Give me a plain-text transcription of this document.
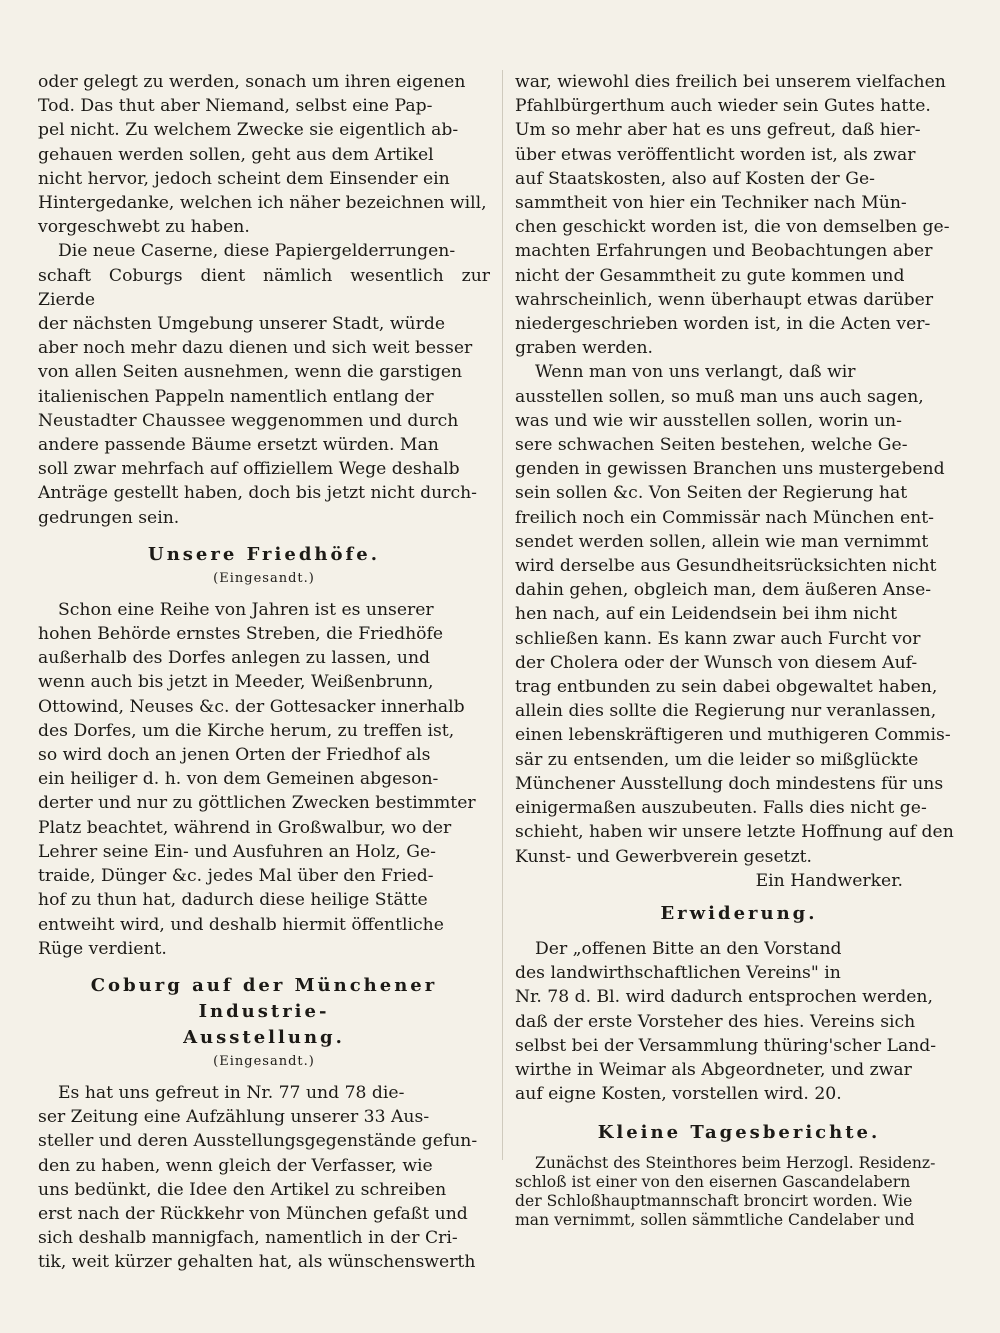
oder gelegt zu werden, sonach um ihren eigenen
Tod. Das thut aber Niemand, selbst eine Pap-
pel nicht. Zu welchem Zwecke sie eigentlich ab-
gehauen werden sollen, geht aus dem Artikel
nicht hervor, jedoch scheint dem Einsender ein
Hintergedanke, welchen ich näher bezeichnen will,
vorgeschwebt zu haben.

Die neue Caserne, diese Papiergelderrungen-
schaft Coburgs dient nämlich wesentlich zur Zierde
der nächsten Umgebung unserer Stadt, würde
aber noch mehr dazu dienen und sich weit besser
von allen Seiten ausnehmen, wenn die garstigen
italienischen Pappeln namentlich entlang der
Neustadter Chaussee weggenommen und durch
andere passende Bäume ersetzt würden. Man
soll zwar mehrfach auf offiziellem Wege deshalb
Anträge gestellt haben, doch bis jetzt nicht durch-
gedrungen sein.

Unsere Friedhöfe.

(Eingesandt.)

Schon eine Reihe von Jahren ist es unserer
hohen Behörde ernstes Streben, die Friedhöfe
außerhalb des Dorfes anlegen zu lassen, und
wenn auch bis jetzt in Meeder, Weißenbrunn,
Ottowind, Neuses &c. der Gottesacker innerhalb
des Dorfes, um die Kirche herum, zu treffen ist,
so wird doch an jenen Orten der Friedhof als
ein heiliger d. h. von dem Gemeinen abgeson-
derter und nur zu göttlichen Zwecken bestimmter
Platz beachtet, während in Großwalbur, wo der
Lehrer seine Ein- und Ausfuhren an Holz, Ge-
traide, Dünger &c. jedes Mal über den Fried-
hof zu thun hat, dadurch diese heilige Stätte
entweiht wird, und deshalb hiermit öffentliche
Rüge verdient.

Coburg auf der Münchener Industrie-
Ausstellung.

(Eingesandt.)

Es hat uns gefreut in Nr. 77 und 78 die-
ser Zeitung eine Aufzählung unserer 33 Aus-
steller und deren Ausstellungsgegenstände gefun-
den zu haben, wenn gleich der Verfasser, wie
uns bedünkt, die Idee den Artikel zu schreiben
erst nach der Rückkehr von München gefaßt und
sich deshalb mannigfach, namentlich in der Cri-
tik, weit kürzer gehalten hat, als wünschenswerth

war, wiewohl dies freilich bei unserem vielfachen
Pfahlbürgerthum auch wieder sein Gutes hatte.
Um so mehr aber hat es uns gefreut, daß hier-
über etwas veröffentlicht worden ist, als zwar
auf Staatskosten, also auf Kosten der Ge-
sammtheit von hier ein Techniker nach Mün-
chen geschickt worden ist, die von demselben ge-
machten Erfahrungen und Beobachtungen aber
nicht der Gesammtheit zu gute kommen und
wahrscheinlich, wenn überhaupt etwas darüber
niedergeschrieben worden ist, in die Acten ver-
graben werden.

Wenn man von uns verlangt, daß wir
ausstellen sollen, so muß man uns auch sagen,
was und wie wir ausstellen sollen, worin un-
sere schwachen Seiten bestehen, welche Ge-
genden in gewissen Branchen uns mustergebend
sein sollen &c. Von Seiten der Regierung hat
freilich noch ein Commissär nach München ent-
sendet werden sollen, allein wie man vernimmt
wird derselbe aus Gesundheitsrücksichten nicht
dahin gehen, obgleich man, dem äußeren Anse-
hen nach, auf ein Leidendsein bei ihm nicht
schließen kann. Es kann zwar auch Furcht vor
der Cholera oder der Wunsch von diesem Auf-
trag entbunden zu sein dabei obgewaltet haben,
allein dies sollte die Regierung nur veranlassen,
einen lebenskräftigeren und muthigeren Commis-
sär zu entsenden, um die leider so mißglückte
Münchener Ausstellung doch mindestens für uns
einigermaßen auszubeuten. Falls dies nicht ge-
schieht, haben wir unsere letzte Hoffnung auf den
Kunst- und Gewerbverein gesetzt.

Ein Handwerker.

Erwiderung.

Der „offenen Bitte an den Vorstand
des landwirthschaftlichen Vereins" in
Nr. 78 d. Bl. wird dadurch entsprochen werden,
daß der erste Vorsteher des hies. Vereins sich
selbst bei der Versammlung thüring'scher Land-
wirthe in Weimar als Abgeordneter, und zwar
auf eigne Kosten, vorstellen wird. 20.

Kleine Tagesberichte.

Zunächst des Steinthores beim Herzogl. Residenz-
schloß ist einer von den eisernen Gascandelabern
der Schloßhauptmannschaft broncirt worden. Wie
man vernimmt, sollen sämmtliche Candelaber und
